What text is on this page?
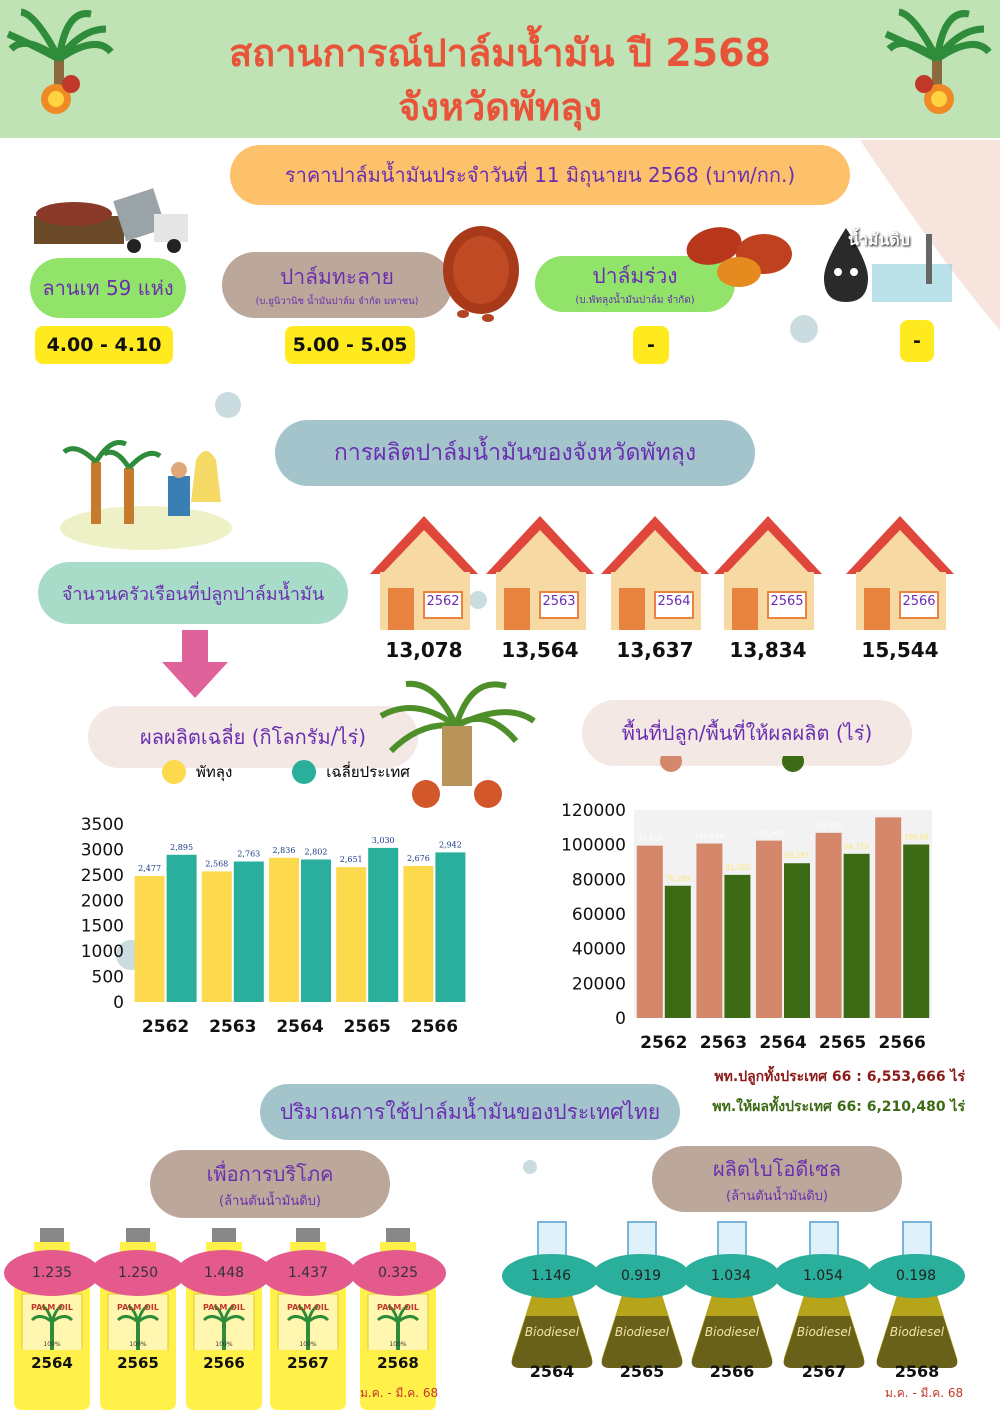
สถานการณ์ปาล์มน้ำมัน ปี 2568
จังหวัดพัทลุง
ราคาปาล์มน้ำมันประจำวันที่ 11 มิถุนายน 2568 (บาท/กก.)
ลานเท 59 แห่ง
4.00 - 4.10
ปาล์มทะลาย
(บ.ยูนิวานิช น้ำมันปาล์ม จำกัด มหาชน)
5.00 - 5.05
ปาล์มร่วง
(บ.พัทลุงน้ำมันปาล์ม จำกัด)
-
น้ำมันดิบ
-
การผลิตปาล์มน้ำมันของจังหวัดพัทลุง
จำนวนครัวเรือนที่ปลูกปาล์มน้ำมัน	2562
13,078
2563
13,564
2564
13,637
2565
13,834
2566
15,544
ผลผลิตเฉลี่ย (กิโลกรัม/ไร่)
พัทลุง	เฉลี่ยประเทศ
0
500
1000
1500
2000
2500
3000
3500
2,477
2,895
2562
2,568
2,763
2563
2,836 2,802
2564
2,651
3,030
2565
2,676
2,942
2566
พื้นที่ปลูก/พื้นที่ให้ผลผลิต (ไร่)
0
20000
40000
60000
80000
100000
120000
99,424
76,289
2562
100,644
82,585
2563
102,340
89,297
2564
106,825
94,719
2565
115,761
100,08
2566
พท.ปลูกทั้งประเทศ 66 : 6,553,666 ไร่
พท.ให้ผลทั้งประเทศ 66: 6,210,480 ไร่
ปริมาณการใช้ปาล์มน้ำมันของประเทศไทย
เพื่อการบริโภค
(ล้านตันน้ำมันดิบ)
ผลิตไบโอดีเซล
(ล้านตันน้ำมันดิบ)
PALM OIL
100%
1.235
2564
PALM OIL
100%
1.250
2565
PALM OIL
100%
1.448
2566
PALM OIL
100%
1.437
2567
PALM OIL
100%
0.325
2568
Biodiesel
1.146
2564
Biodiesel
0.919
2565
Biodiesel
1.034
2566
Biodiesel
1.054
2567
Biodiesel
0.198
2568
ม.ค. - มี.ค. 68	ม.ค. - มี.ค. 68
